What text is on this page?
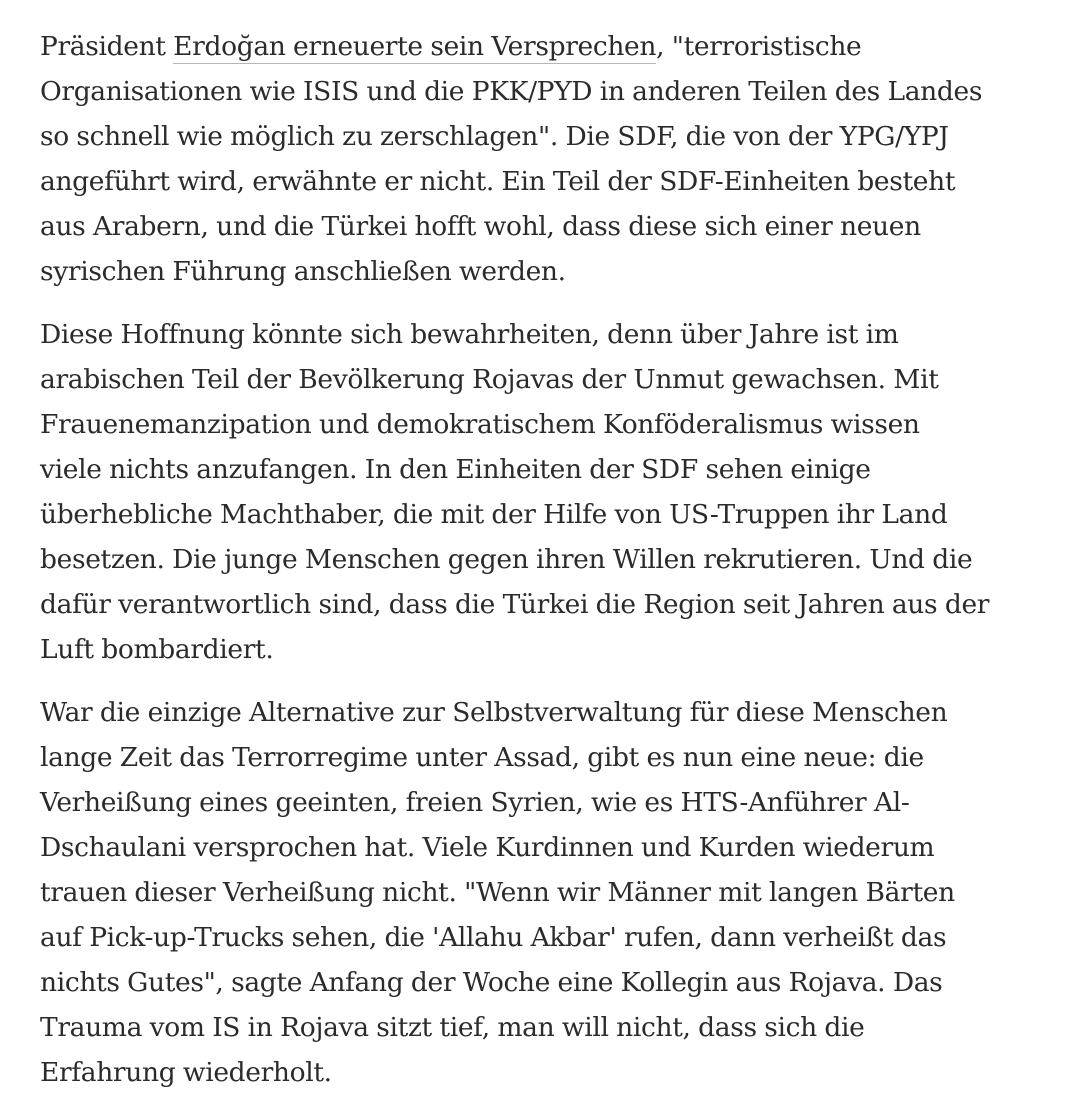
Präsident Erdoğan erneuerte sein Versprechen, "terroristische
Organisationen wie ISIS und die PKK/PYD in anderen Teilen des Landes
so schnell wie möglich zu zerschlagen". Die SDF, die von der YPG/YPJ
angeführt wird, erwähnte er nicht. Ein Teil der SDF-Einheiten besteht
aus Arabern, und die Türkei hofft wohl, dass diese sich einer neuen
syrischen Führung anschließen werden.

Diese Hoffnung könnte sich bewahrheiten, denn über Jahre ist im
arabischen Teil der Bevölkerung Rojavas der Unmut gewachsen. Mit
Frauenemanzipation und demokratischem Konföderalismus wissen
viele nichts anzufangen. In den Einheiten der SDF sehen einige
überhebliche Machthaber, die mit der Hilfe von US-Truppen ihr Land
besetzen. Die junge Menschen gegen ihren Willen rekrutieren. Und die
dafür verantwortlich sind, dass die Türkei die Region seit Jahren aus der
Luft bombardiert.

War die einzige Alternative zur Selbstverwaltung für diese Menschen
lange Zeit das Terrorregime unter Assad, gibt es nun eine neue: die
Verheißung eines geeinten, freien Syrien, wie es HTS-Anführer Al-
Dschaulani versprochen hat. Viele Kurdinnen und Kurden wiederum
trauen dieser Verheißung nicht. "Wenn wir Männer mit langen Bärten
auf Pick-up-Trucks sehen, die 'Allahu Akbar' rufen, dann verheißt das
nichts Gutes", sagte Anfang der Woche eine Kollegin aus Rojava. Das
Trauma vom IS in Rojava sitzt tief, man will nicht, dass sich die
Erfahrung wiederholt.
